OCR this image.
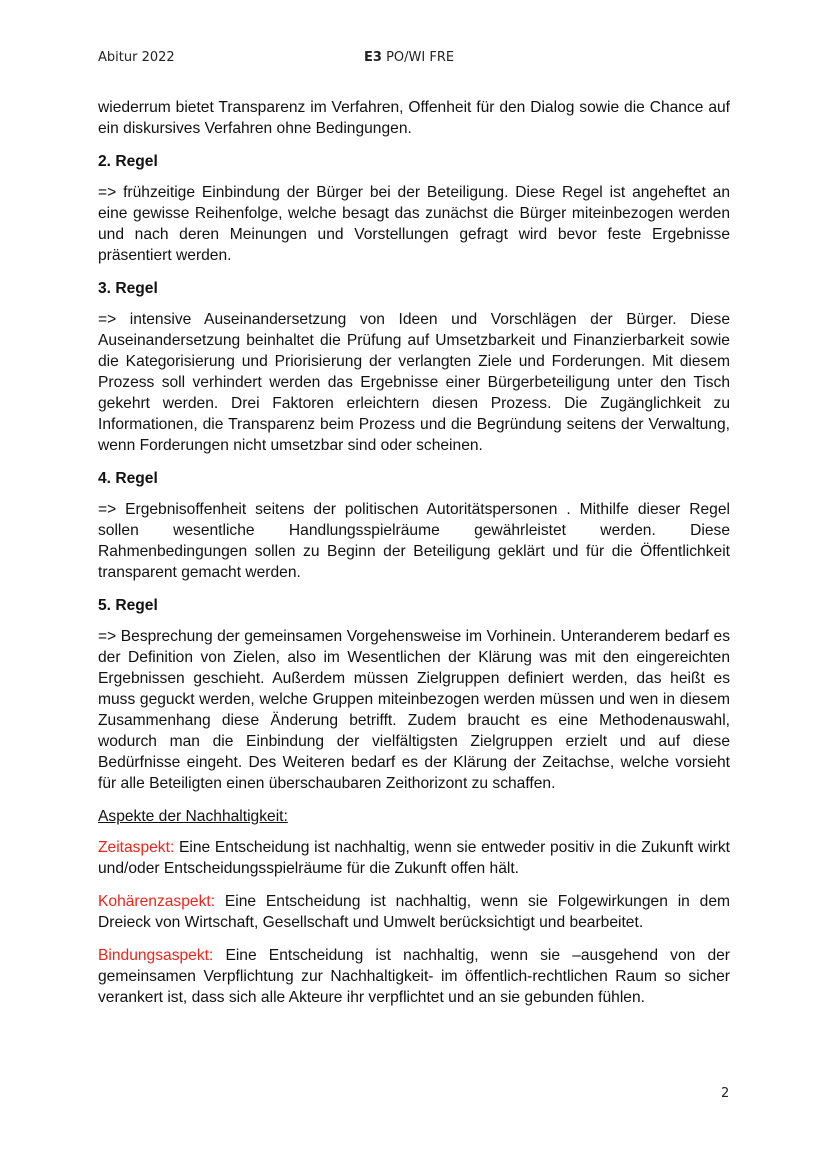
Abitur 2022	E3 PO/WI FRE

wiederrum bietet Transparenz im Verfahren, Offenheit für den Dialog sowie die Chance auf ein diskursives Verfahren ohne Bedingungen.

2. Regel

=> frühzeitige Einbindung der Bürger bei der Beteiligung. Diese Regel ist angeheftet an eine gewisse Reihenfolge, welche besagt das zunächst die Bürger miteinbezogen werden und nach deren Meinungen und Vorstellungen gefragt wird bevor feste Ergebnisse präsentiert werden.

3. Regel

=> intensive Auseinandersetzung von Ideen und Vorschlägen der Bürger. Diese Auseinandersetzung beinhaltet die Prüfung auf Umsetzbarkeit und Finanzierbarkeit sowie die Kategorisierung und Priorisierung der verlangten Ziele und Forderungen. Mit diesem Prozess soll verhindert werden das Ergebnisse einer Bürgerbeteiligung unter den Tisch gekehrt werden. Drei Faktoren erleichtern diesen Prozess. Die Zugänglichkeit zu Informationen, die Transparenz beim Prozess und die Begründung seitens der Verwaltung, wenn Forderungen nicht umsetzbar sind oder scheinen.

4. Regel

=> Ergebnisoffenheit seitens der politischen Autoritätspersonen . Mithilfe dieser Regel sollen wesentliche Handlungsspielräume gewährleistet werden. Diese Rahmenbedingungen sollen zu Beginn der Beteiligung geklärt und für die Öffentlichkeit transparent gemacht werden.

5. Regel

=> Besprechung der gemeinsamen Vorgehensweise im Vorhinein. Unteranderem bedarf es der Definition von Zielen, also im Wesentlichen der Klärung was mit den eingereichten Ergebnissen geschieht. Außerdem müssen Zielgruppen definiert werden, das heißt es muss geguckt werden, welche Gruppen miteinbezogen werden müssen und wen in diesem Zusammenhang diese Änderung betrifft. Zudem braucht es eine Methodenauswahl, wodurch man die Einbindung der vielfältigsten Zielgruppen erzielt und auf diese Bedürfnisse eingeht. Des Weiteren bedarf es der Klärung der Zeitachse, welche vorsieht für alle Beteiligten einen überschaubaren Zeithorizont zu schaffen.

Aspekte der Nachhaltigkeit:

Zeitaspekt: Eine Entscheidung ist nachhaltig, wenn sie entweder positiv in die Zukunft wirkt und/oder Entscheidungsspielräume für die Zukunft offen hält.

Kohärenzaspekt: Eine Entscheidung ist nachhaltig, wenn sie Folgewirkungen in dem Dreieck von Wirtschaft, Gesellschaft und Umwelt berücksichtigt und bearbeitet.

Bindungsaspekt: Eine Entscheidung ist nachhaltig, wenn sie –ausgehend von der gemeinsamen Verpflichtung zur Nachhaltigkeit- im öffentlich-rechtlichen Raum so sicher verankert ist, dass sich alle Akteure ihr verpflichtet und an sie gebunden fühlen.

2
